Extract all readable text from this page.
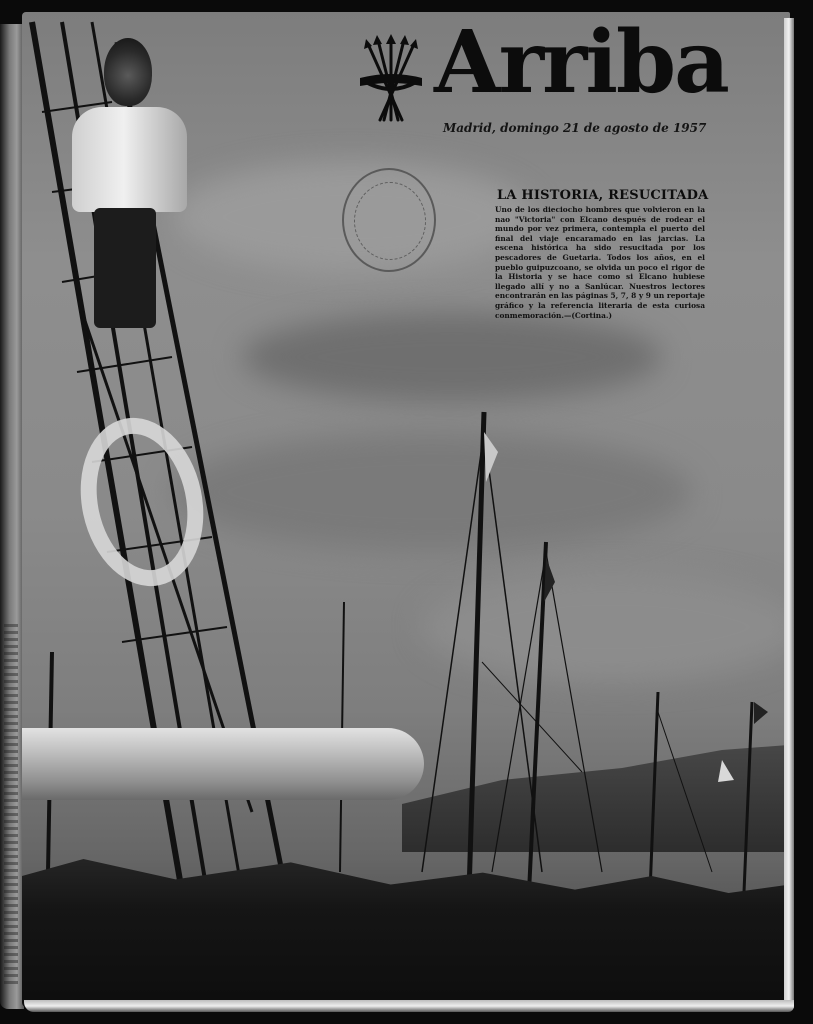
Arriba
Madrid, domingo 21 de agosto de 1957
LA HISTORIA, RESUCITADA
Uno de los dieciocho hombres que volvieron en la nao "Victoria" con Elcano después de rodear el mundo por vez primera, contempla el puerto del final del viaje encaramado en las jarcias. La escena histórica ha sido resucitada por los pescadores de Guetaria. Todos los años, en el pueblo guipuzcoano, se olvida un poco el rigor de la Historia y se hace como si Elcano hubiese llegado allí y no a Sanlúcar. Nuestros lectores encontrarán en las páginas 5, 7, 8 y 9 un reportaje gráfico y la referencia literaria de esta curiosa conmemoración.—(Cortina.)
